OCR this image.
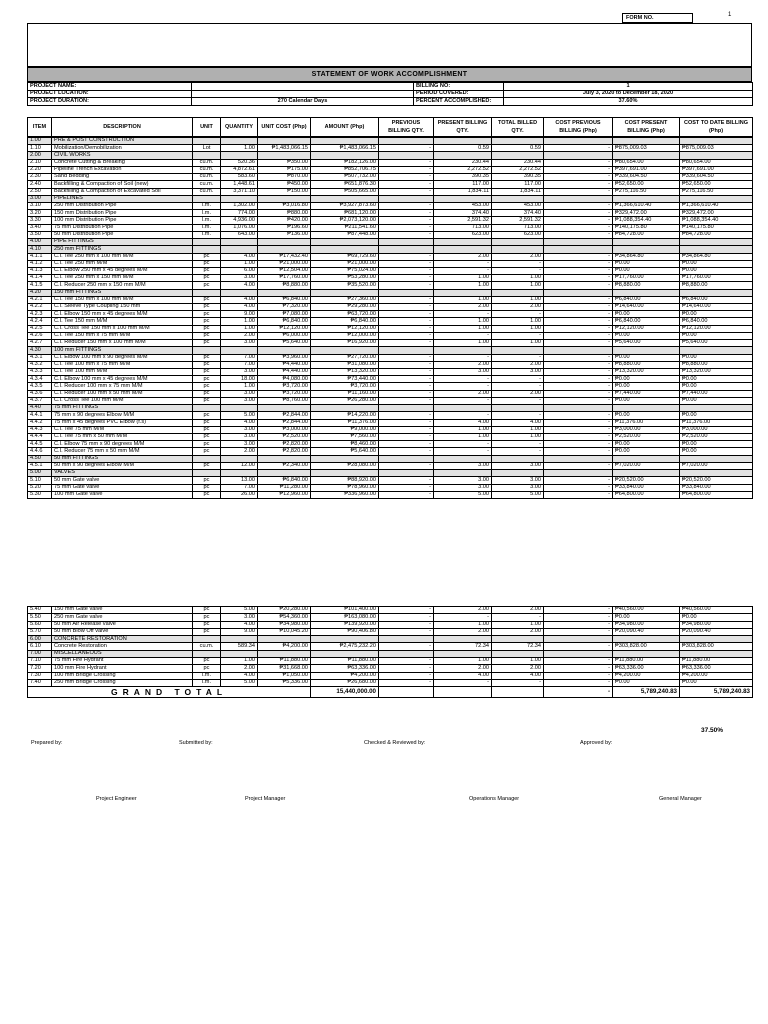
FORM NO.	1
STATEMENT OF WORK ACCOMPLISHMENT
PROJECT NAME:		BILLING NO:	1
PROJECT LOCATION:		PERIOD COVERED:	July 3, 2020 to December 18, 2020
PROJECT DURATION:	270 Calendar Days	PERCENT ACCOMPLISHED:	37.60%
ITEM	DESCRIPTION	UNIT	QUANTITY	UNIT COST (Php)	AMOUNT (Php)	PREVIOUS BILLING QTY.	PRESENT BILLING QTY.	TOTAL BILLED QTY.	COST PREVIOUS BILLING (Php)	COST PRESENT BILLING (Php)	COST TO DATE BILLING (Php)
1.00	PRE & POST CONSTRUCTION										
1.10	Mobilization/Demobilization	Lot	1.00	₱1,483,066.15	₱1,483,066.15	-	0.59	0.59	-	₱875,009.03	₱875,009.03
2.00	CIVIL WORKS										
2.10	Concrete Cutting & Breaking	cu.m.	520.36	₱350.00	₱182,126.00	-	230.44	230.44	-	₱80,654.00	₱80,654.00
2.20	Pipeline Trench Excavation	cu.m.	4,872.61	₱175.00	₱852,706.75	-	2,272.52	2,272.52	-	₱397,691.00	₱397,691.00
2.30	Sand Bedding	cu.m.	583.60	₱870.00	₱507,732.00	-	390.35	390.35	-	₱339,604.50	₱339,604.50
2.40	Backfilling & Compaction of Soil (new)	cu.m.	1,448.61	₱450.00	₱651,876.30	-	117.00	117.00	-	₱52,650.00	₱52,650.00
2.50	Backfilling & Compaction of Excavated Soil	cu.m.	3,371.10	₱150.00	₱505,665.00	-	1,834.11	1,834.11	-	₱275,116.50	₱275,116.50
3.00	PIPELINES										
3.10	250 mm Distribution Pipe	l.m.	1,302.00	₱3,016.80	₱3,927,873.60	-	453.00	453.00	-	₱1,366,610.40	₱1,366,610.40
3.20	150 mm Distribution Pipe	l.m.	774.00	₱880.00	₱681,120.00	-	374.40	374.40	-	₱329,472.00	₱329,472.00
3.30	100 mm Distribution Pipe	l.m.	4,936.00	₱420.00	₱2,073,120.00	-	2,591.32	2,591.32	-	₱1,088,354.40	₱1,088,354.40
3.40	75 mm Distribution Pipe	l.m.	1,076.00	₱196.60	₱211,541.60	-	713.00	713.00	-	₱140,175.80	₱140,175.80
3.50	50 mm Distribution Pipe	l.m.	643.00	₱136.00	₱87,448.00	-	623.00	623.00	-	₱84,728.00	₱84,728.00
4.00	PIPE FITTINGS										
4.10	250 mm FITTINGS										
4.1.1	C.I. Tee 250 mm x 100 mm M/M	pc	4.00	₱17,432.40	₱69,729.60	-	2.00	2.00	-	₱34,864.80	₱34,864.80
4.1.2	C.I. Tee 250 mm M/M	pc	1.00	₱21,000.00	₱21,000.00	-	-	-	-	₱0.00	₱0.00
4.1.3	C.I. Elbow 250 mm x 45 degrees M/M	pc	6.00	₱12,504.00	₱75,024.00	-	-	-	-	₱0.00	₱0.00
4.1.4	C.I. Tee 250 mm x 150 mm M/M	pc	3.00	₱17,760.00	₱53,280.00	-	1.00	1.00	-	₱17,760.00	₱17,760.00
4.1.5	C.I. Reducer 250 mm x 150 mm M/M	pc	4.00	₱8,880.00	₱35,520.00	-	1.00	1.00	-	₱8,880.00	₱8,880.00
4.20	150 mm FITTINGS										
4.2.1	C.I. Tee 150 mm x 100 mm M/M	pc	4.00	₱6,840.00	₱27,360.00	-	1.00	1.00	-	₱6,840.00	₱6,840.00
4.2.2	C.I. Sleeve Type Coupling 150 mm	pc	4.00	₱7,320.00	₱29,280.00	-	2.00	2.00	-	₱14,640.00	₱14,640.00
4.2.3	C.I. Elbow 150 mm x 45 degrees M/M	pc	9.00	₱7,080.00	₱63,720.00	-	-	-	-	₱0.00	₱0.00
4.2.4	C.I. Tee 150 mm M/M	pc	1.00	₱6,840.00	₱6,840.00	-	1.00	1.00	-	₱6,840.00	₱6,840.00
4.2.5	C.I. Cross Tee 150 mm x 100 mm M/M	pc	1.00	₱12,120.00	₱12,120.00	-	1.00	1.00	-	₱12,120.00	₱12,120.00
4.2.6	C.I. Tee 150 mm x 75 mm M/M	pc	2.00	₱6,000.00	₱12,000.00	-	-	-	-	₱0.00	₱0.00
4.2.7	C.I. Reducer 150 mm x 100 mm M/M	pc	3.00	₱5,640.00	₱16,920.00	-	1.00	1.00	-	₱5,640.00	₱5,640.00
4.30	100 mm FITTINGS										
4.3.1	C.I. Elbow 100 mm x 90 degrees M/M	pc	7.00	₱3,960.00	₱27,720.00	-	-	-	-	₱0.00	₱0.00
4.3.2	C.I. Tee 100 mm x 75 mm M/M	pc	7.00	₱4,440.00	₱31,080.00	-	2.00	2.00	-	₱8,880.00	₱8,880.00
4.3.3	C.I. Tee 100 mm M/M	pc	3.00	₱4,440.00	₱13,320.00	-	3.00	3.00	-	₱13,320.00	₱13,320.00
4.3.4	C.I. Elbow 100 mm x 45 degrees M/M	pc	18.00	₱4,080.00	₱73,440.00	-	-	-	-	₱0.00	₱0.00
4.3.5	C.I. Reducer 100 mm x 75 mm M/M	pc	1.00	₱3,720.00	₱3,720.00	-	-	-	-	₱0.00	₱0.00
4.3.6	C.I. Reducer 100 mm x 50 mm M/M	pc	3.00	₱3,720.00	₱11,160.00	-	2.00	2.00	-	₱7,440.00	₱7,440.00
4.3.7	C.I. Cross Tee 100 mm M/M	pc	3.00	₱8,760.00	₱26,280.00	-	-	-	-	₱0.00	₱0.00
4.40	75 mm FITTINGS										
4.4.1	75 mm x 90 degrees Elbow M/M	pc	5.00	₱2,844.00	₱14,220.00	-	-	-	-	₱0.00	₱0.00
4.4.2	75 mm x 45 degrees PVC Elbow (f.s)	pc	4.00	₱2,844.00	₱11,376.00	-	4.00	4.00	-	₱11,376.00	₱11,376.00
4.4.3	C.I. Tee 75 mm M/M	pc	3.00	₱3,000.00	₱9,000.00	-	1.00	1.00	-	₱3,000.00	₱3,000.00
4.4.4	C.I. Tee 75 mm x 50 mm M/M	pc	3.00	₱2,520.00	₱7,560.00	-	1.00	1.00	-	₱2,520.00	₱2,520.00
4.4.5	C.I. Elbow 75 mm x 90 degrees M/M	pc	3.00	₱2,820.00	₱8,460.00	-	-	-	-	₱0.00	₱0.00
4.4.6	C.I. Reducer 75 mm x 50 mm M/M	pc	2.00	₱2,820.00	₱5,640.00	-	-	-	-	₱0.00	₱0.00
4.50	50 mm FITTINGS										
4.5.1	50 mm x 90 degrees Elbow M/M	pc	12.00	₱2,340.00	₱28,080.00	-	3.00	3.00	-	₱7,020.00	₱7,020.00
5.00	VALVES										
5.10	50 mm Gate valve	pc	13.00	₱6,840.00	₱88,920.00	-	3.00	3.00	-	₱20,520.00	₱20,520.00
5.20	75 mm Gate valve	pc	7.00	₱11,280.00	₱78,960.00	-	3.00	3.00	-	₱33,840.00	₱33,840.00
5.30	100 mm Gate valve	pc	26.00	₱12,960.00	₱336,960.00	-	5.00	5.00	-	₱64,800.00	₱64,800.00
5.40	150 mm Gate valve	pc	5.00	₱20,280.00	₱101,400.00	-	2.00	2.00	-	₱40,560.00	₱40,560.00
5.50	250 mm Gate valve	pc	3.00	₱54,360.00	₱163,080.00	-	-	-	-	₱0.00	₱0.00
5.60	50 mm Air Release valve	pc	4.00	₱34,980.00	₱139,920.00	-	1.00	1.00	-	₱34,980.00	₱34,980.00
5.70	50 mm Blow Off valve	pc	9.00	₱10,045.20	₱90,406.80	-	2.00	2.00	-	₱20,090.40	₱20,090.40
6.00	CONCRETE RESTORATION										
6.10	Concrete Restoration	cu.m.	589.34	₱4,200.00	₱2,475,232.20	-	72.34	72.34	-	₱303,828.00	₱303,828.00
7.00	MISCELLANEOUS										
7.10	75 mm Fire Hydrant	pc	1.00	₱11,880.00	₱11,880.00	-	1.00	1.00	-	₱11,880.00	₱11,880.00
7.20	100 mm Fire Hydrant	pc	2.00	₱31,668.00	₱63,336.00	-	2.00	2.00	-	₱63,336.00	₱63,336.00
7.30	100 mm Bridge Crossing	l.m.	4.00	₱1,050.00	₱4,200.00	-	4.00	4.00	-	₱4,200.00	₱4,200.00
7.40	250 mm Bridge Crossing	l.m.	5.00	₱5,336.00	₱26,680.00	-	-	-	-	₱0.00	₱0.00
GRAND TOTAL					15,440,000.00				-	5,789,240.83	5,789,240.83
37.50%
Prepared by:	Submitted by:	Checked & Reviewed by:	Approved by:
Project Engineer	Project Manager	Operations Manager	General Manager
